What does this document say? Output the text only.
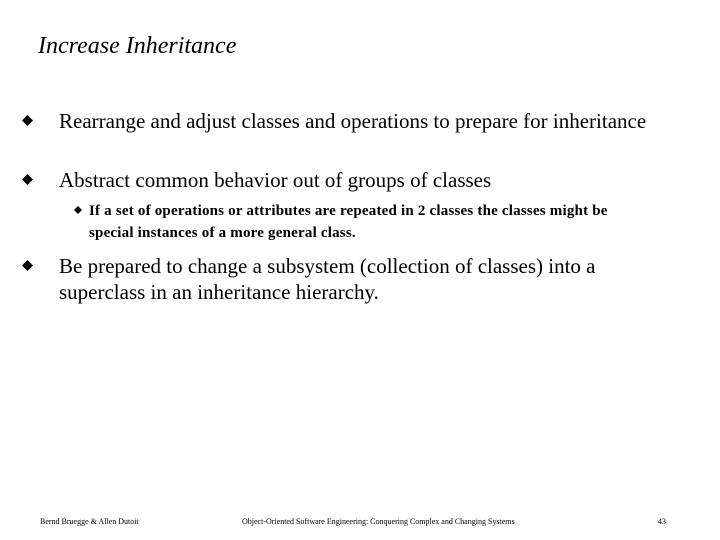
Increase Inheritance
Rearrange and adjust classes and operations to prepare for inheritance
Abstract common behavior out of groups of classes
If a set of operations or attributes are repeated in 2 classes the classes might be special instances of a more general class.
Be prepared to change a subsystem (collection of classes) into a superclass in an inheritance hierarchy.
Bernd Bruegge & Allen Dutoit	Object-Oriented Software Engineering: Conquering Complex and Changing Systems	43
